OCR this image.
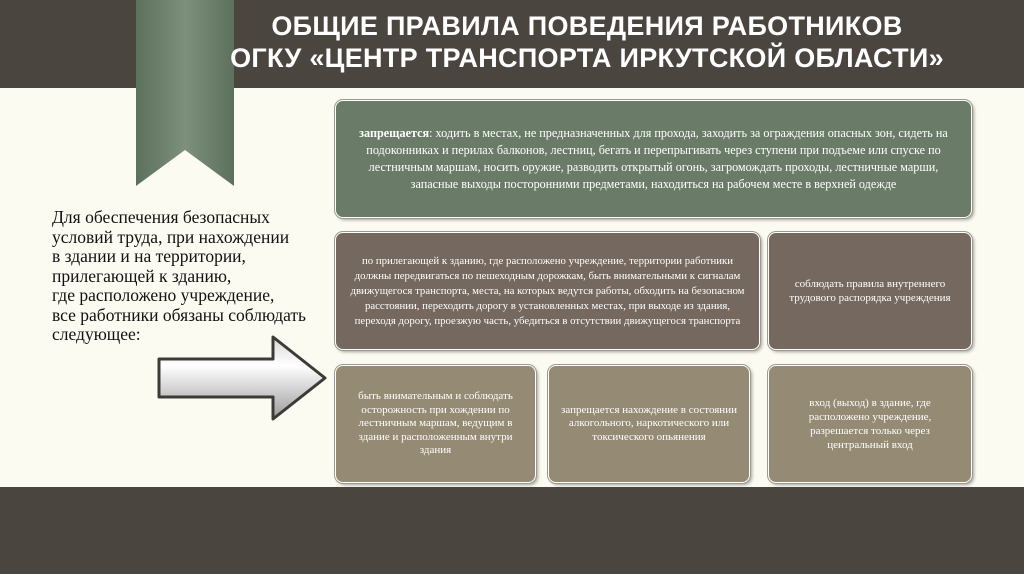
ОБЩИЕ ПРАВИЛА ПОВЕДЕНИЯ РАБОТНИКОВ
ОГКУ «ЦЕНТР ТРАНСПОРТА ИРКУТСКОЙ ОБЛАСТИ»
Для обеспечения безопасных
условий труда, при нахождении
в здании и на территории,
прилегающей к зданию,
где расположено учреждение,
все работники обязаны соблюдать
следующее:
запрещается: ходить в местах, не предназначенных для прохода, заходить за ограждения опасных зон, сидеть на подоконниках и перилах балконов, лестниц, бегать и перепрыгивать через ступени при подъеме или спуске по лестничным маршам, носить оружие, разводить открытый огонь, загромождать проходы, лестничные марши, запасные выходы посторонними предметами, находиться на рабочем месте в верхней одежде
по прилегающей к зданию, где расположено учреждение, территории работники должны передвигаться по пешеходным дорожкам, быть внимательными к сигналам движущегося транспорта, места, на которых ведутся работы, обходить на безопасном расстоянии, переходить дорогу в установленных местах, при выходе из здания, переходя дорогу, проезжую часть, убедиться в отсутствии движущегося транспорта
соблюдать правила внутреннего трудового распорядка учреждения
быть внимательным и соблюдать осторожность при хождении по лестничным маршам, ведущим в здание и расположенным внутри здания
запрещается нахождение в состоянии алкогольного, наркотического или токсического опьянения
вход (выход) в здание, где расположено учреждение, разрешается только через центральный вход
